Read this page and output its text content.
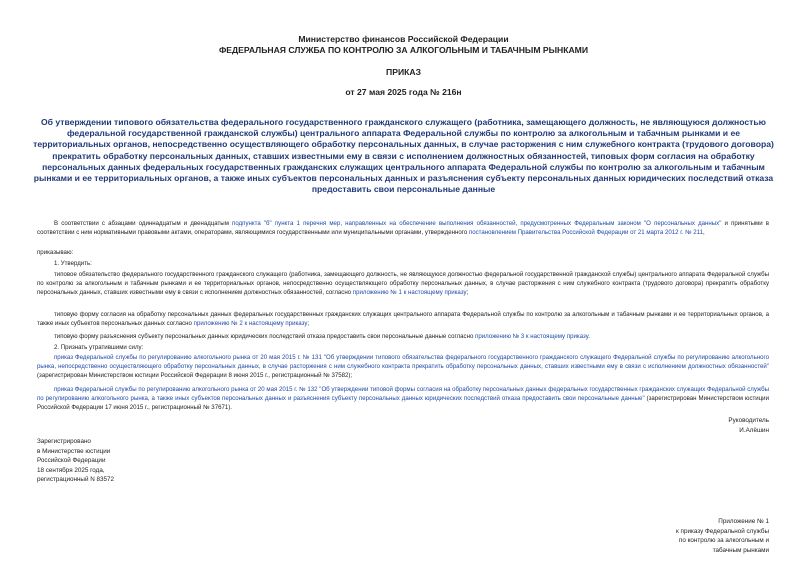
Министерство финансов Российской Федерации
ФЕДЕРАЛЬНАЯ СЛУЖБА ПО КОНТРОЛЮ ЗА АЛКОГОЛЬНЫМ И ТАБАЧНЫМ РЫНКАМИ
ПРИКАЗ
от 27 мая 2025 года № 216н
Об утверждении типового обязательства федерального государственного гражданского служащего (работника, замещающего должность, не являющуюся должностью федеральной государственной гражданской службы) центрального аппарата Федеральной службы по контролю за алкогольным и табачным рынками и ее территориальных органов, непосредственно осуществляющего обработку персональных данных, в случае расторжения с ним служебного контракта (трудового договора) прекратить обработку персональных данных, ставших известными ему в связи с исполнением должностных обязанностей, типовых форм согласия на обработку персональных данных федеральных государственных гражданских служащих центрального аппарата Федеральной службы по контролю за алкогольным и табачным рынками и ее территориальных органов, а также иных субъектов персональных данных и разъяснения субъекту персональных данных юридических последствий отказа предоставить свои персональные данные
В соответствии с абзацами одиннадцатым и двенадцатым подпункта "б" пункта 1 перечня мер, направленных на обеспечение выполнения обязанностей, предусмотренных Федеральным законом "О персональных данных" и принятыми в соответствии с ним нормативными правовыми актами, операторами, являющимися государственными или муниципальными органами, утвержденного постановлением Правительства Российской Федерации от 21 марта 2012 г. № 211,
приказываю:
1. Утвердить:
типовое обязательство федерального государственного гражданского служащего (работника, замещающего должность, не являющуюся должностью федеральной государственной гражданской службы) центрального аппарата Федеральной службы по контролю за алкогольным и табачным рынками и ее территориальных органов, непосредственно осуществляющего обработку персональных данных, в случае расторжения с ним служебного контракта (трудового договора) прекратить обработку персональных данных, ставших известными ему в связи с исполнением должностных обязанностей, согласно приложению № 1 к настоящему приказу;
типовую форму согласия на обработку персональных данных федеральных государственных гражданских служащих центрального аппарата Федеральной службы по контролю за алкогольным и табачным рынками и ее территориальных органов, а также иных субъектов персональных данных согласно приложению № 2 к настоящему приказу;
типовую форму разъяснения субъекту персональных данных юридических последствий отказа предоставить свои персональные данные согласно приложению № 3 к настоящему приказу.
2. Признать утратившими силу:
приказ Федеральной службы по регулированию алкогольного рынка от 20 мая 2015 г. № 131 "Об утверждении типового обязательства федерального государственного гражданского служащего Федеральной службы по регулированию алкогольного рынка, непосредственно осуществляющего обработку персональных данных, в случае расторжения с ним служебного контракта прекратить обработку персональных данных, ставших известными ему в связи с исполнением должностных обязанностей" (зарегистрирован Министерством юстиции Российской Федерации 8 июня 2015 г., регистрационный № 37582);
приказ Федеральной службы по регулированию алкогольного рынка от 20 мая 2015 г. № 132 "Об утверждении типовой формы согласия на обработку персональных данных федеральных государственных гражданских служащих Федеральной службы по регулированию алкогольного рынка, а также иных субъектов персональных данных и разъяснения субъекту персональных данных юридических последствий отказа предоставить свои персональные данные" (зарегистрирован Министерством юстиции Российской Федерации 17 июня 2015 г., регистрационный № 37671).
Руководитель
И.Алёшин
Зарегистрировано
в Министерстве юстиции
Российской Федерации
18 сентября 2025 года,
регистрационный N 83572
Приложение № 1
к приказу Федеральной службы
по контролю за алкогольным и
табачным рынками
